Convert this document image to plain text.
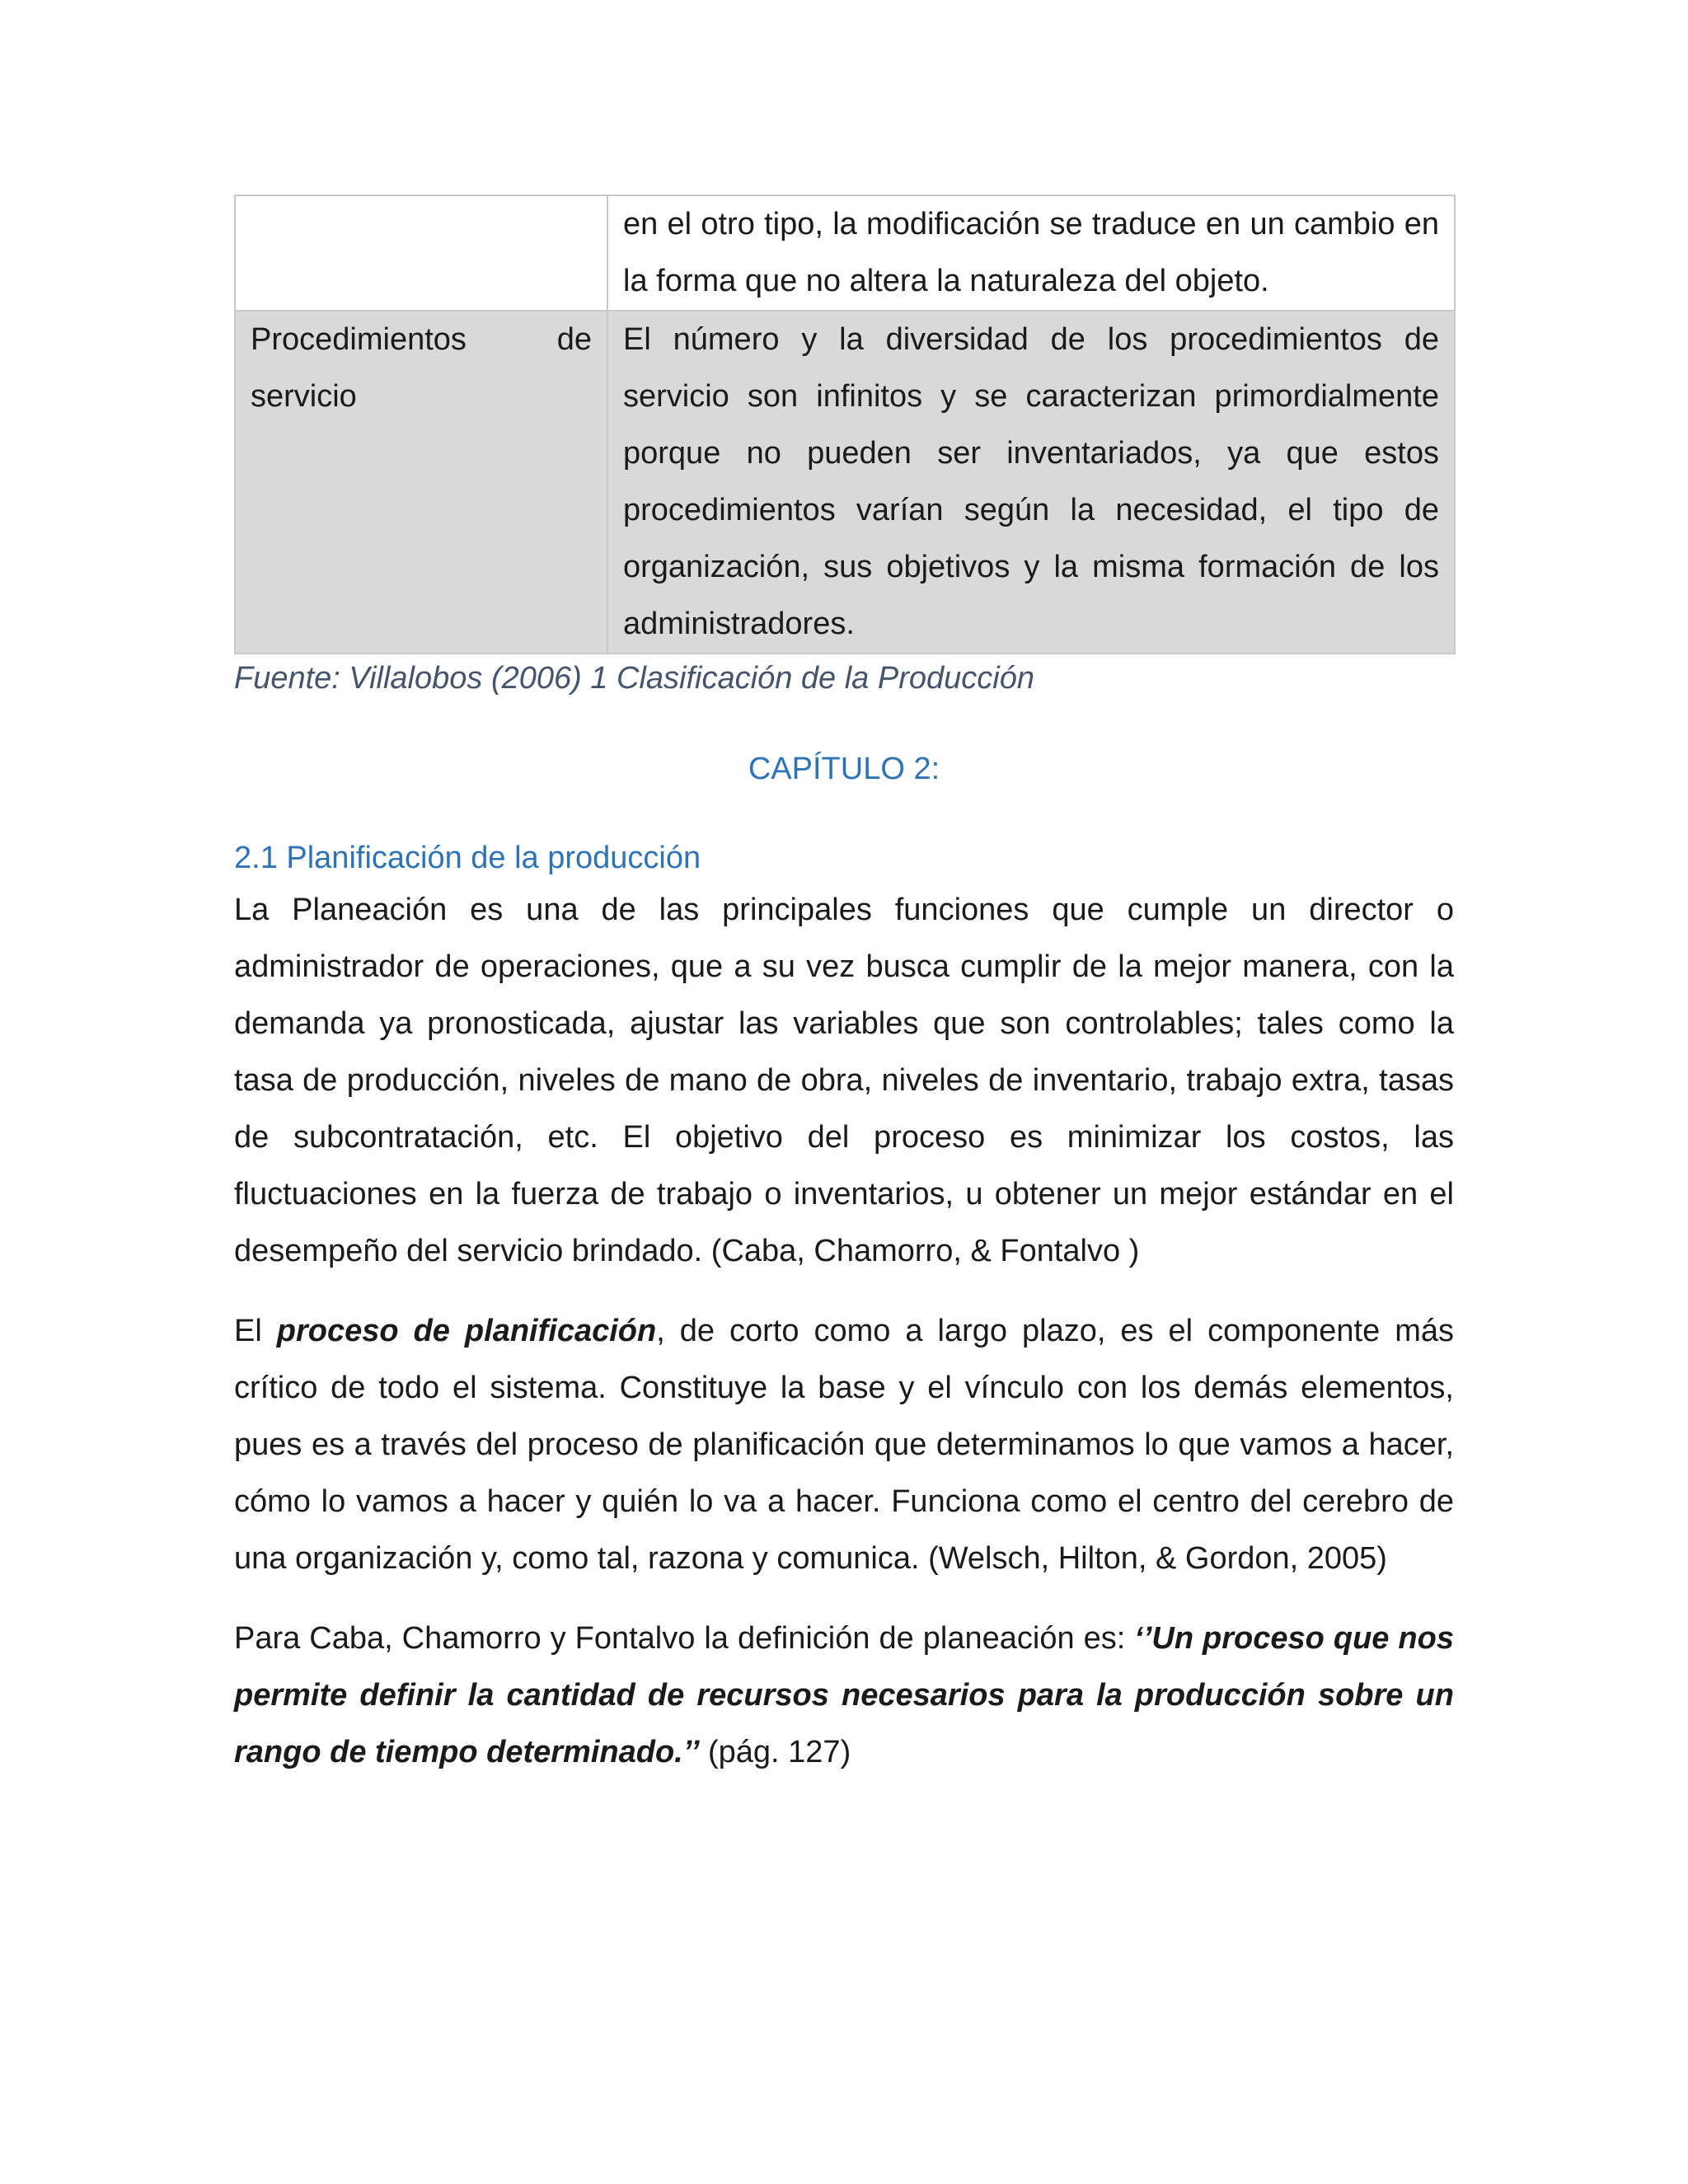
	en el otro tipo, la modificación se traduce en un cambio en la forma que no altera la naturaleza del objeto.
Procedimientos de servicio	El número y la diversidad de los procedimientos de servicio son infinitos y se caracterizan primordialmente porque no pueden ser inventariados, ya que estos procedimientos varían según la necesidad, el tipo de organización, sus objetivos y la misma formación de los administradores.
Fuente: Villalobos (2006) 1 Clasificación de la Producción
CAPÍTULO 2:
2.1 Planificación de la producción

La Planeación es una de las principales funciones que cumple un director o administrador de operaciones, que a su vez busca cumplir de la mejor manera, con la demanda ya pronosticada, ajustar las variables que son controlables; tales como la tasa de producción, niveles de mano de obra, niveles de inventario, trabajo extra, tasas de subcontratación, etc. El objetivo del proceso es minimizar los costos, las fluctuaciones en la fuerza de trabajo o inventarios, u obtener un mejor estándar en el desempeño del servicio brindado. (Caba, Chamorro, & Fontalvo )

El proceso de planificación, de corto como a largo plazo, es el componente más crítico de todo el sistema. Constituye la base y el vínculo con los demás elementos, pues es a través del proceso de planificación que determinamos lo que vamos a hacer, cómo lo vamos a hacer y quién lo va a hacer. Funciona como el centro del cerebro de una organización y, como tal, razona y comunica. (Welsch, Hilton, & Gordon, 2005)

Para Caba, Chamorro y Fontalvo la definición de planeación es: ‘’Un proceso que nos permite definir la cantidad de recursos necesarios para la producción sobre un rango de tiempo determinado.’’ (pág. 127)
